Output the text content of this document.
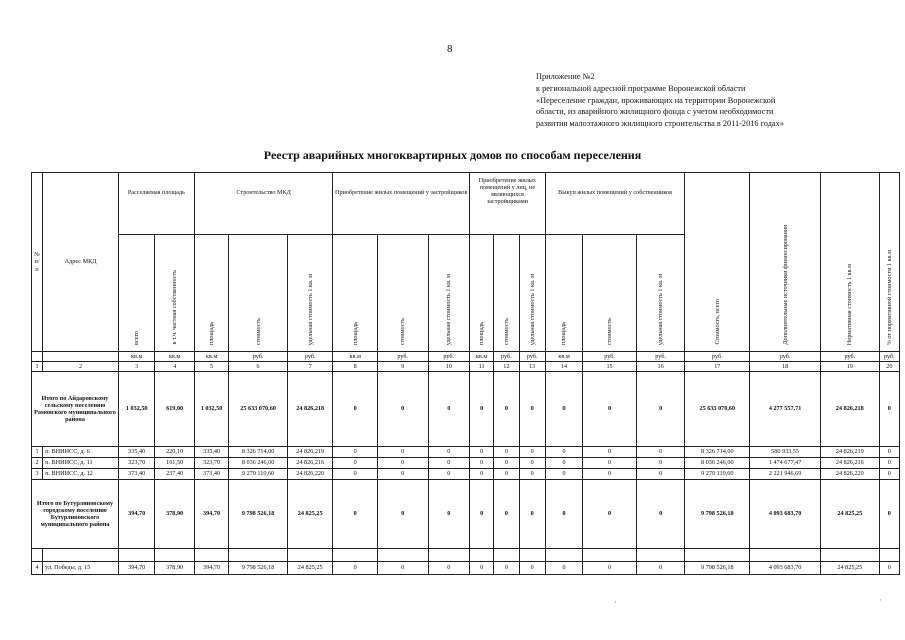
8
Приложение №2
к региональной адресной программе Воронежской области
«Переселение граждан, проживающих на территории Воронежской
области, из аварийного жилищного фонда с учетом необходимости
развития малоэтажного жилищного строительства в 2011-2016 годах»
Реестр аварийных многоквартирных домов по способам переселения
№ п/п	Адрес МКД	Расселяемая площадь		Строительство МКД			Приобретение жилых помещений у застройщиков			Приобретение жилых помещений у лиц, не являющихся застройщиками			Выкуп жилых помещений у собственников			Стоимость, всего	Дополнительные источники финансирования	Нормативная стоимость 1 кв.м	% от нормативной стоимости 1 кв.м
		всего	в т.ч. частная собственность	площадь	стоимость	удельная стоимость 1 кв. м	площадь	стоимость	удельная стоимость 1 кв. м	площадь	стоимость	удельная стоимость 1 кв. м	площадь	стоимость	удельная стоимость 1 кв. м				
		кв.м	кв.м	кв.м	руб.	руб.	кв.м	руб.	руб.	кв.м	руб.	руб.	кв.м	руб.	руб.	руб.	руб.	руб.	руб.
1	2	3	4	5	6	7	8	9	10	11	12	13	14	15	16	17	18	19	20
Итого по Айдаровскому сельскому поселению Рамонского муниципального района		1 032,50	619,00	1 032,50	25 633 070,60	24 826,218	0	0	0	0	0	0	0	0	0	25 633 070,60	4 277 557,71	24 826,218	0
1	п. ВНИИСС, д. 6	335,40	220,10	335,40	8 326 714,00	24 826,219	0	0	0	0	0	0	0	0	0	8 326 714,00	580 933,55	24 826,219	0
2	п. ВНИИСС, д. 11	323,70	161,50	323,70	8 036 246,00	24 826,216	0	0	0	0	0	0	0	0	0	8 036 246,00	1 474 677,47	24 826,216	0
3	п. ВНИИСС, д. 12	373,40	237,40	373,40	9 270 110,60	24 826,220	0	0	0	0	0	0	0	0	0	9 270 110,60	2 221 946,69	24 826,220	0
Итого по Бутурлиновскому городскому поселению Бутурлиновского муниципального района		394,70	378,90	394,70	9 798 526,18	24 825,25	0	0	0	0	0	0	0	0	0	9 798 526,18	4 093 683,70	24 825,25	0

4	ул. Победы, д. 15	394,70	378,90	394,70	9 798 526,18	24 825,25	0	0	0	0	0	0	0	0	0	9 798 526,18	4 093 683,70	24 825,25	0
·	·
